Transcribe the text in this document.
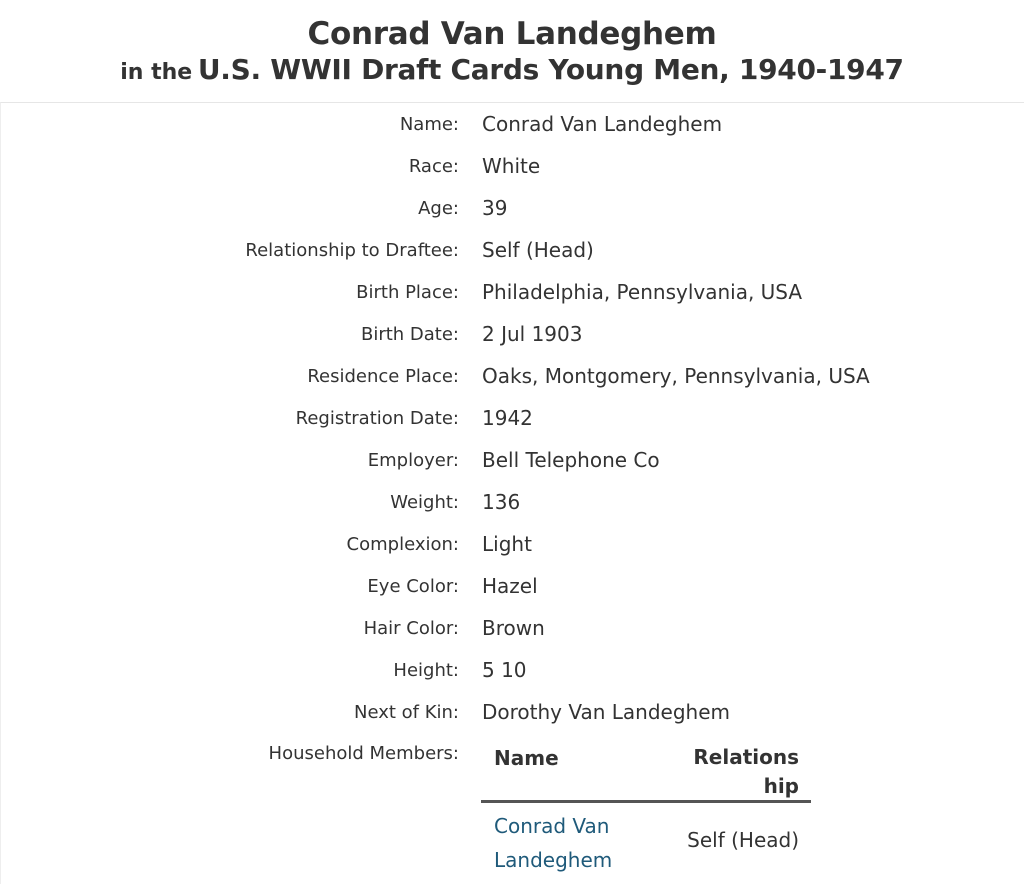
Conrad Van Landeghem
in the U.S. WWII Draft Cards Young Men, 1940-1947
Name: Conrad Van Landeghem
Race: White
Age: 39
Relationship to Draftee: Self (Head)
Birth Place: Philadelphia, Pennsylvania, USA
Birth Date: 2 Jul 1903
Residence Place: Oaks, Montgomery, Pennsylvania, USA
Registration Date: 1942
Employer: Bell Telephone Co
Weight: 136
Complexion: Light
Eye Color: Hazel
Hair Color: Brown
Height: 5 10
Next of Kin: Dorothy Van Landeghem
Household Members: Name	Relations hip
Conrad Van Landeghem
Self (Head)
